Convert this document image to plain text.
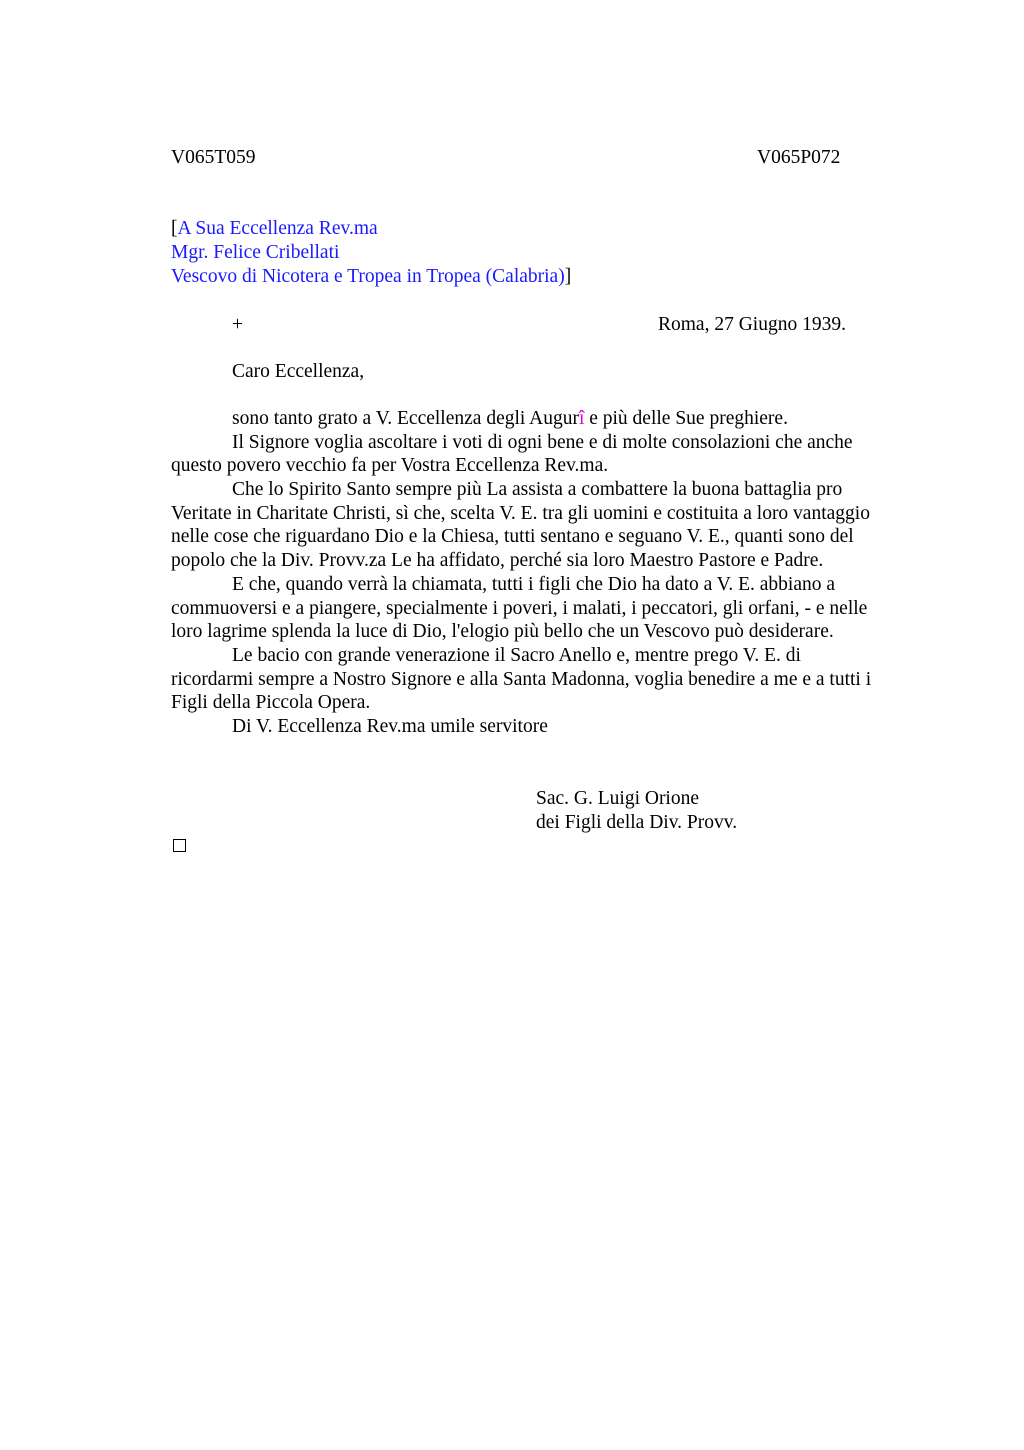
V065T059	V065P072
[A Sua Eccellenza Rev.ma
Mgr. Felice Cribellati
Vescovo di Nicotera e Tropea in Tropea (Calabria)]
+	Roma, 27 Giugno 1939.
Caro Eccellenza,
sono tanto grato a V. Eccellenza degli Augurî e più delle Sue preghiere.
Il Signore voglia ascoltare i voti di ogni bene e di molte consolazioni che anche
questo povero vecchio fa per Vostra Eccellenza Rev.ma.
Che lo Spirito Santo sempre più La assista a combattere la buona battaglia pro
Veritate in Charitate Christi, sì che, scelta V. E. tra gli uomini e costituita a loro vantaggio
nelle cose che riguardano Dio e la Chiesa, tutti sentano e seguano V. E., quanti sono del
popolo che la Div. Provv.za Le ha affidato, perché sia loro Maestro Pastore e Padre.
E che, quando verrà la chiamata, tutti i figli che Dio ha dato a V. E. abbiano a
commuoversi e a piangere, specialmente i poveri, i malati, i peccatori, gli orfani, - e nelle
loro lagrime splenda la luce di Dio, l'elogio più bello che un Vescovo può desiderare.
Le bacio con grande venerazione il Sacro Anello e, mentre prego V. E. di
ricordarmi sempre a Nostro Signore e alla Santa Madonna, voglia benedire a me e a tutti i
Figli della Piccola Opera.
Di V. Eccellenza Rev.ma umile servitore
Sac. G. Luigi Orione
dei Figli della Div. Provv.
